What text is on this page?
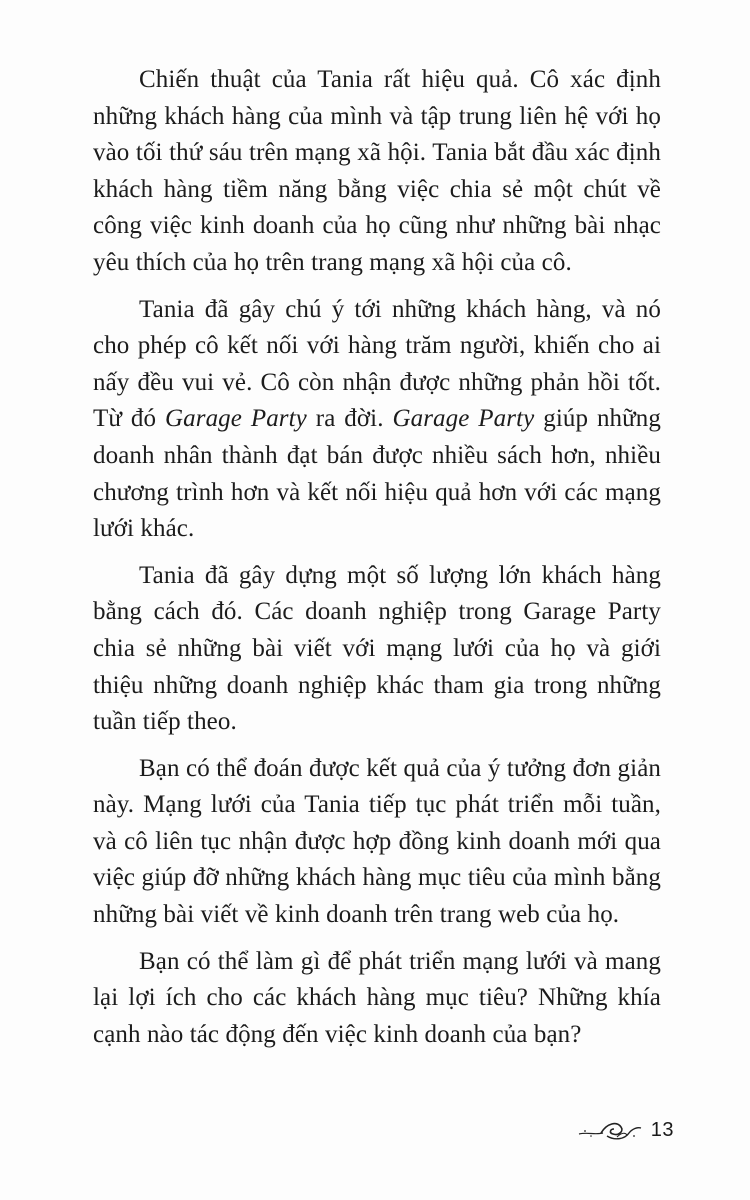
Chiến thuật của Tania rất hiệu quả. Cô xác định những khách hàng của mình và tập trung liên hệ với họ vào tối thứ sáu trên mạng xã hội. Tania bắt đầu xác định khách hàng tiềm năng bằng việc chia sẻ một chút về công việc kinh doanh của họ cũng như những bài nhạc yêu thích của họ trên trang mạng xã hội của cô.

Tania đã gây chú ý tới những khách hàng, và nó cho phép cô kết nối với hàng trăm người, khiến cho ai nấy đều vui vẻ. Cô còn nhận được những phản hồi tốt. Từ đó Garage Party ra đời. Garage Party giúp những doanh nhân thành đạt bán được nhiều sách hơn, nhiều chương trình hơn và kết nối hiệu quả hơn với các mạng lưới khác.

Tania đã gây dựng một số lượng lớn khách hàng bằng cách đó. Các doanh nghiệp trong Garage Party chia sẻ những bài viết với mạng lưới của họ và giới thiệu những doanh nghiệp khác tham gia trong những tuần tiếp theo.

Bạn có thể đoán được kết quả của ý tưởng đơn giản này. Mạng lưới của Tania tiếp tục phát triển mỗi tuần, và cô liên tục nhận được hợp đồng kinh doanh mới qua việc giúp đỡ những khách hàng mục tiêu của mình bằng những bài viết về kinh doanh trên trang web của họ.

Bạn có thể làm gì để phát triển mạng lưới và mang lại lợi ích cho các khách hàng mục tiêu? Những khía cạnh nào tác động đến việc kinh doanh của bạn?

13
